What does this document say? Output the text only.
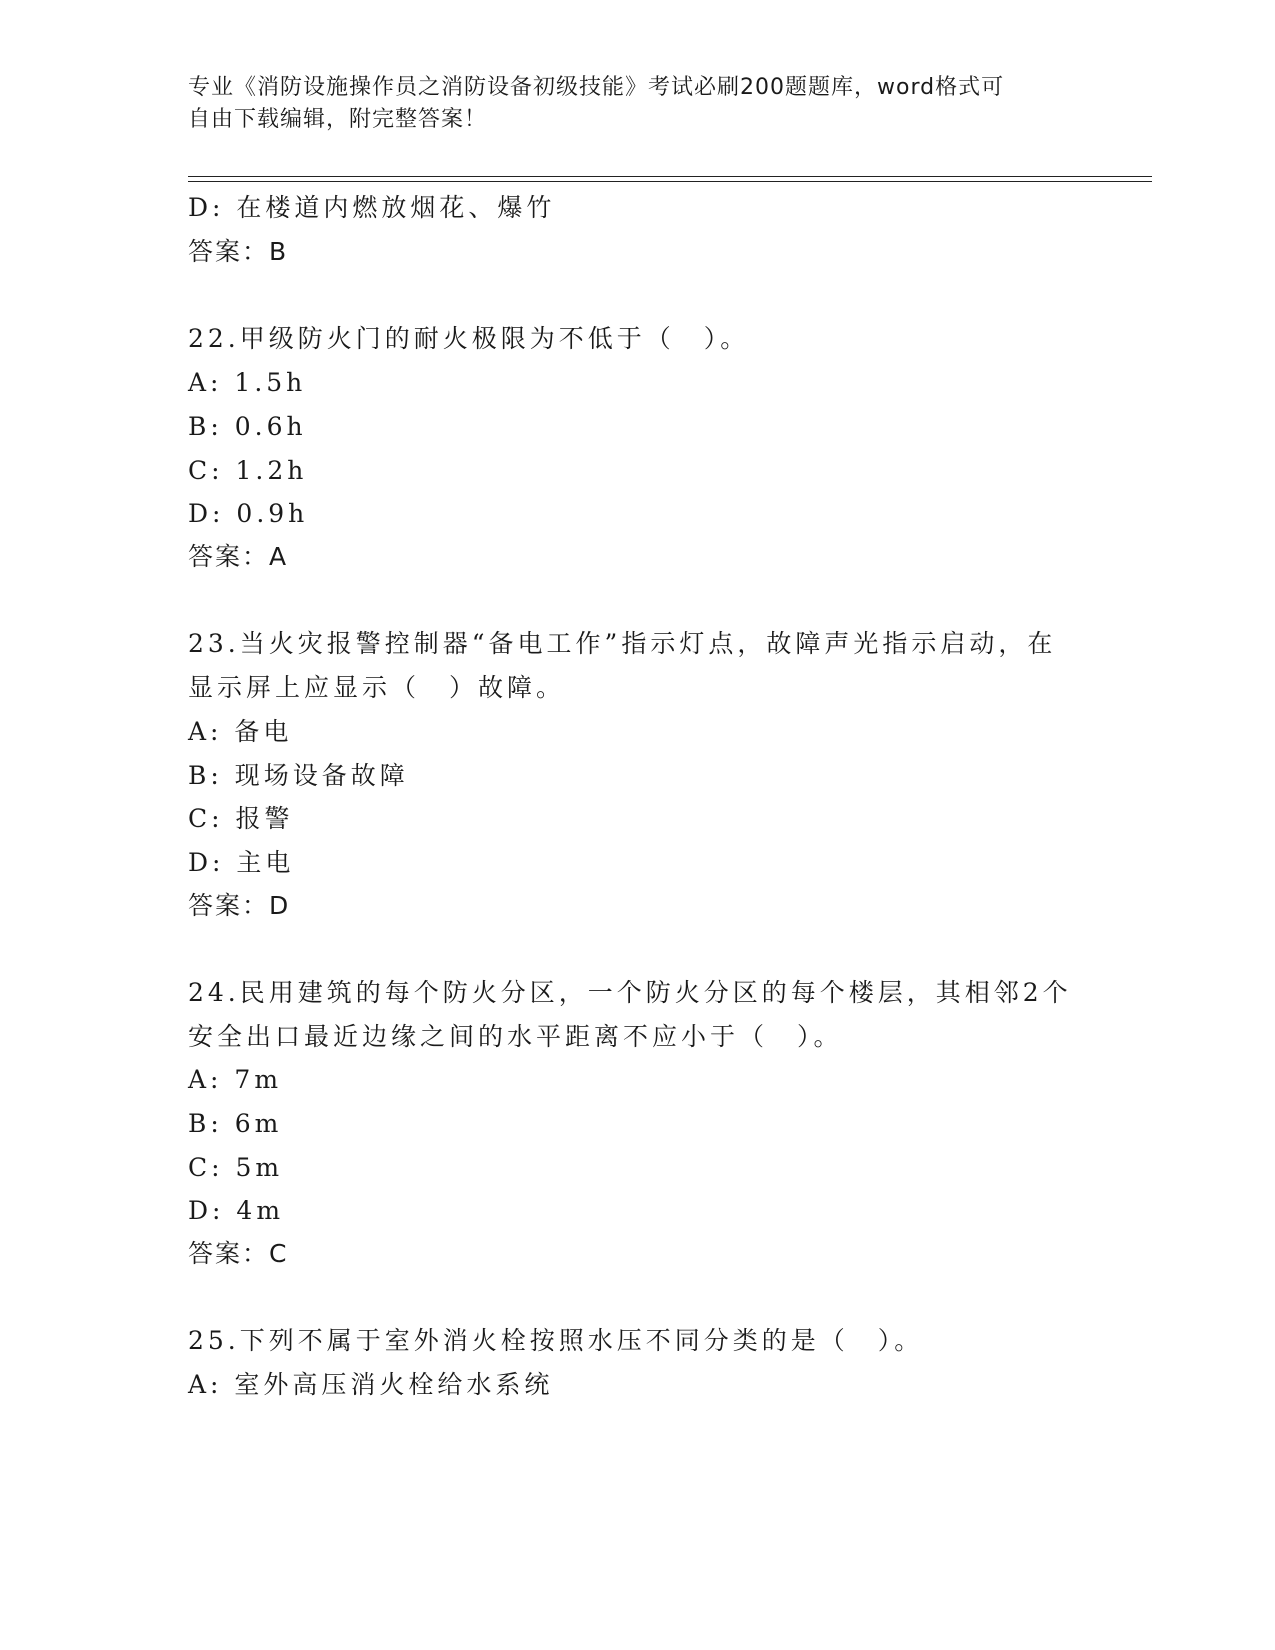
专业《消防设施操作员之消防设备初级技能》考试必刷200题题库，word格式可
自由下载编辑，附完整答案！
D: 在楼道内燃放烟花、爆竹
答案：B
22.甲级防火门的耐火极限为不低于（　）。
A: 1.5h
B: 0.6h
C: 1.2h
D: 0.9h
答案：A
23.当火灾报警控制器“备电工作”指示灯点，故障声光指示启动，在
显示屏上应显示（　）故障。
A: 备电
B: 现场设备故障
C: 报警
D: 主电
答案：D
24.民用建筑的每个防火分区，一个防火分区的每个楼层，其相邻2个
安全出口最近边缘之间的水平距离不应小于（　）。
A: 7m
B: 6m
C: 5m
D: 4m
答案：C
25.下列不属于室外消火栓按照水压不同分类的是（　）。
A: 室外高压消火栓给水系统
